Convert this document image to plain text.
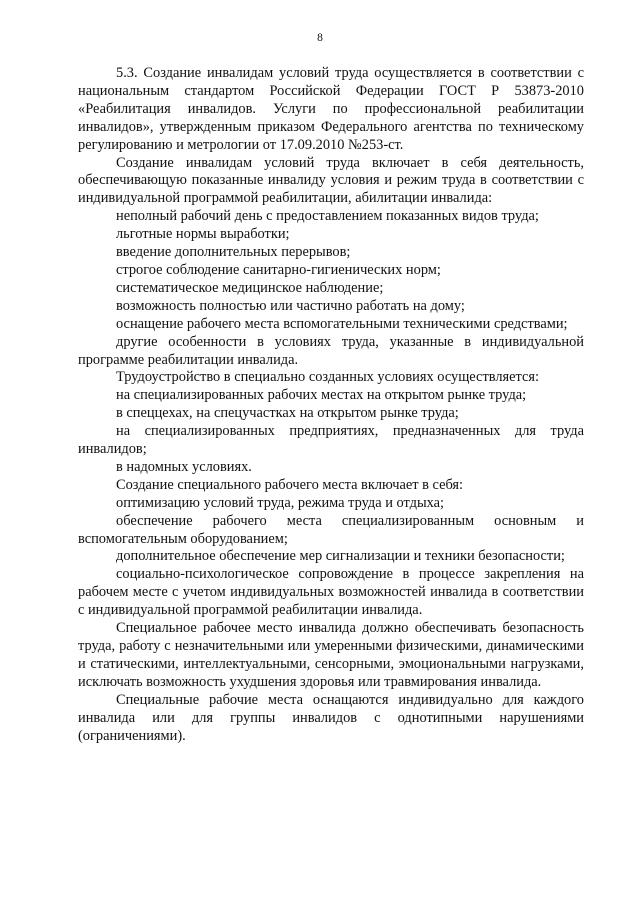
8

5.3. Создание инвалидам условий труда осуществляется в соответствии с национальным стандартом Российской Федерации ГОСТ Р 53873-2010 «Реабилитация инвалидов. Услуги по профессиональной реабилитации инвалидов», утвержденным приказом Федерального агентства по техническому регулированию и метрологии от 17.09.2010 №253-ст.

Создание инвалидам условий труда включает в себя деятельность, обеспечивающую показанные инвалиду условия и режим труда в соответствии с индивидуальной программой реабилитации, абилитации инвалида:

неполный рабочий день с предоставлением показанных видов труда;

льготные нормы выработки;

введение дополнительных перерывов;

строгое соблюдение санитарно-гигиенических норм;

систематическое медицинское наблюдение;

возможность полностью или частично работать на дому;

оснащение рабочего места вспомогательными техническими средствами;

другие особенности в условиях труда, указанные в индивидуальной программе реабилитации инвалида.

Трудоустройство в специально созданных условиях осуществляется:

на специализированных рабочих местах на открытом рынке труда;

в спеццехах, на спецучастках на открытом рынке труда;

на специализированных предприятиях, предназначенных для труда инвалидов;

в надомных условиях.

Создание специального рабочего места включает в себя:

оптимизацию условий труда, режима труда и отдыха;

обеспечение рабочего места специализированным основным и вспомогательным оборудованием;

дополнительное обеспечение мер сигнализации и техники безопасности;

социально-психологическое сопровождение в процессе закрепления на рабочем месте с учетом индивидуальных возможностей инвалида в соответствии с индивидуальной программой реабилитации инвалида.

Специальное рабочее место инвалида должно обеспечивать безопасность труда, работу с незначительными или умеренными физическими, динамическими и статическими, интеллектуальными, сенсорными, эмоциональными нагрузками, исключать возможность ухудшения здоровья или травмирования инвалида.

Специальные рабочие места оснащаются индивидуально для каждого инвалида или для группы инвалидов с однотипными нарушениями (ограничениями).
